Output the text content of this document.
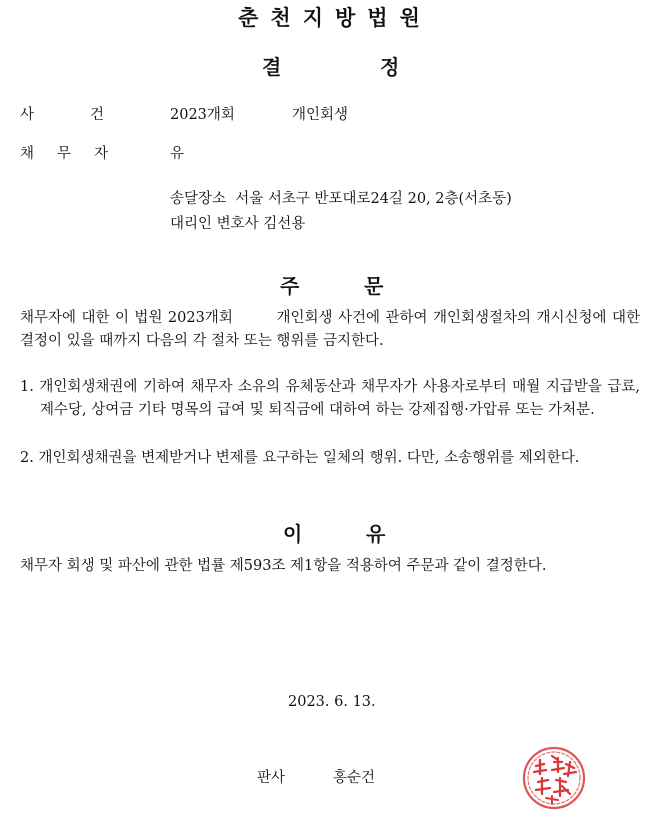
춘천지방법원
결	정
사	건	2023개회	개인회생
채 무 자	유
송달장소  서울 서초구 반포대로24길 20, 2층(서초동)
대리인 변호사 김선용
주	문
채무자에 대한 이 법원 2023개회        개인회생 사건에 관하여 개인회생절차의 개시신청에 대한 결정이 있을 때까지 다음의 각 절차 또는 행위를 금지한다.
1. 개인회생채권에 기하여 채무자 소유의 유체동산과 채무자가 사용자로부터 매월 지급받을 급료, 제수당, 상여금 기타 명목의 급여 및 퇴직금에 대하여 하는 강제집행·가압류 또는 가처분.
2. 개인회생채권을 변제받거나 변제를 요구하는 일체의 행위. 다만, 소송행위를 제외한다.
이	유
채무자 회생 및 파산에 관한 법률 제593조 제1항을 적용하여 주문과 같이 결정한다.
2023. 6. 13.
판사	홍순건
